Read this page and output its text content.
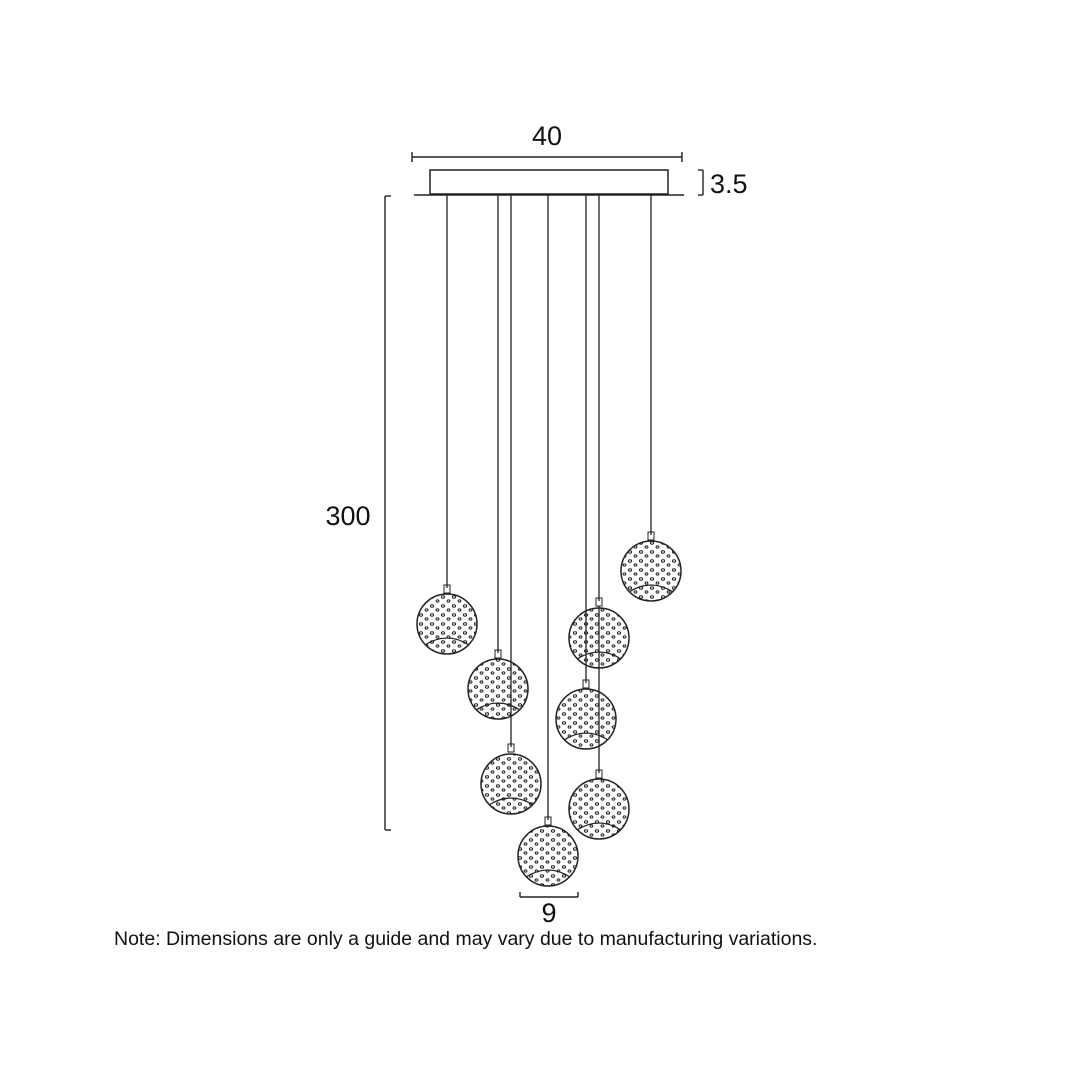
40
3.5
300
9
Note: Dimensions are only a guide and may vary due to manufacturing variations.
